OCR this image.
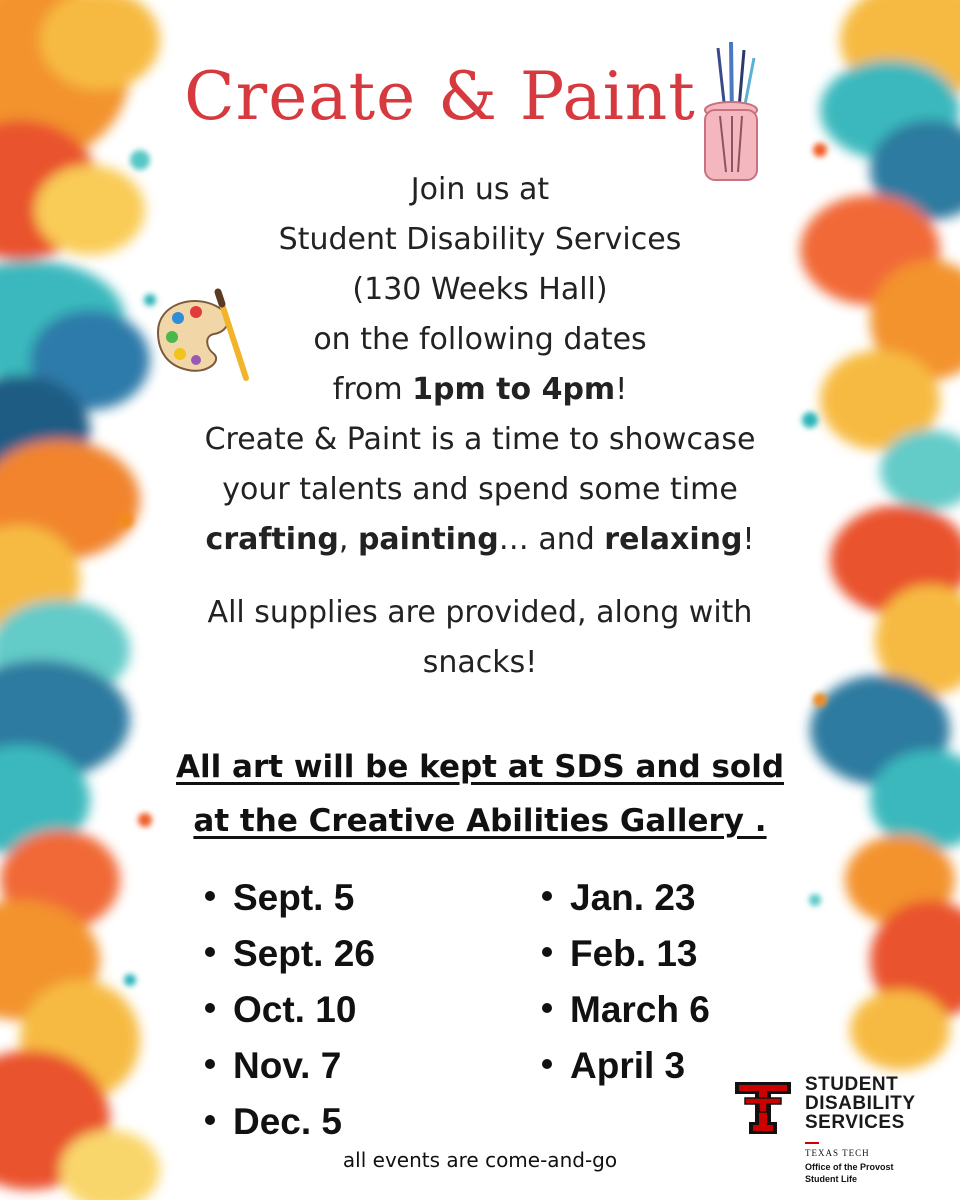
Create & Paint
Join us at
Student Disability Services
(130 Weeks Hall)
on the following dates
from 1pm to 4pm!
Create & Paint is a time to showcase
your talents and spend some time
crafting, painting… and relaxing!
All supplies are provided, along with
snacks!
All art will be kept at SDS and sold
at the Creative Abilities Gallery .
Sept. 5
Sept. 26
Oct. 10
Nov. 7
Dec. 5
Jan. 23
Feb. 13
March 6
April 3
all events are come-and-go
STUDENT
DISABILITY
SERVICES
TEXAS TECH
Office of the Provost
Student Life
